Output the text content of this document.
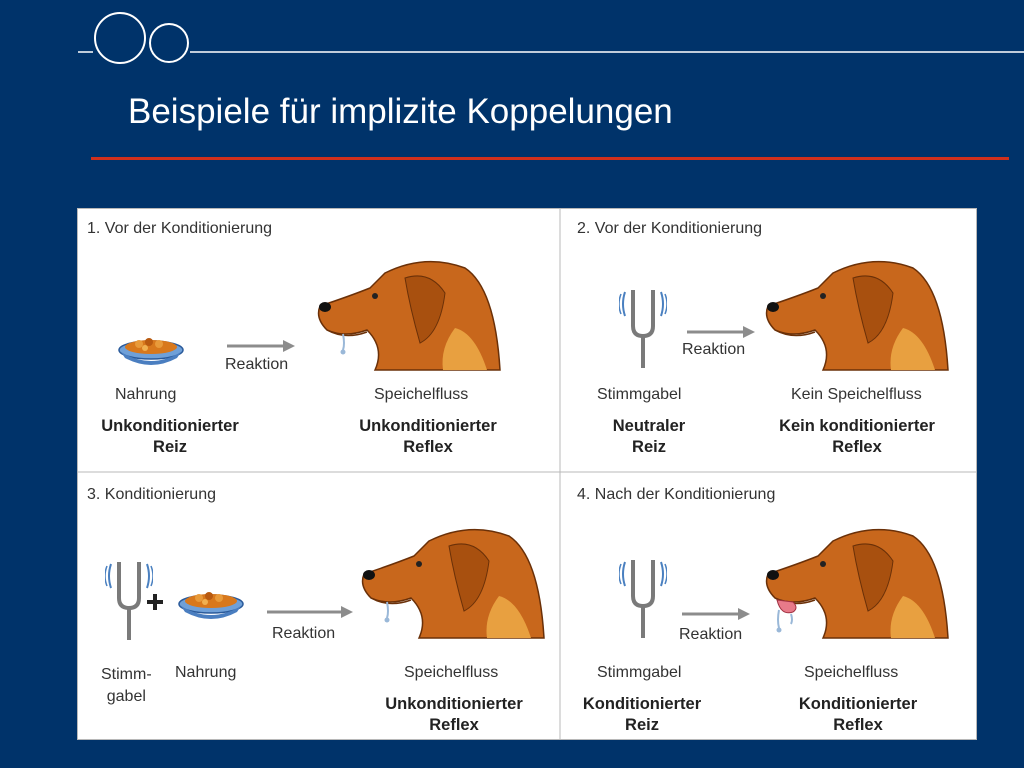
Beispiele für implizite Koppelungen
1. Vor der Konditionierung
Reaktion
Nahrung	Speichelfluss
Unkonditionierter
Reiz
Unkonditionierter
Reflex
2. Vor der Konditionierung
Reaktion
Stimmgabel	Kein Speichelfluss
Neutraler
Reiz
Kein konditionierter
Reflex
3. Konditionierung
Reaktion
Stimm-
gabel
Nahrung	Speichelfluss
Unkonditionierter
Reflex
4. Nach der Konditionierung
Reaktion
Stimmgabel	Speichelfluss
Konditionierter
Reiz
Konditionierter
Reflex
